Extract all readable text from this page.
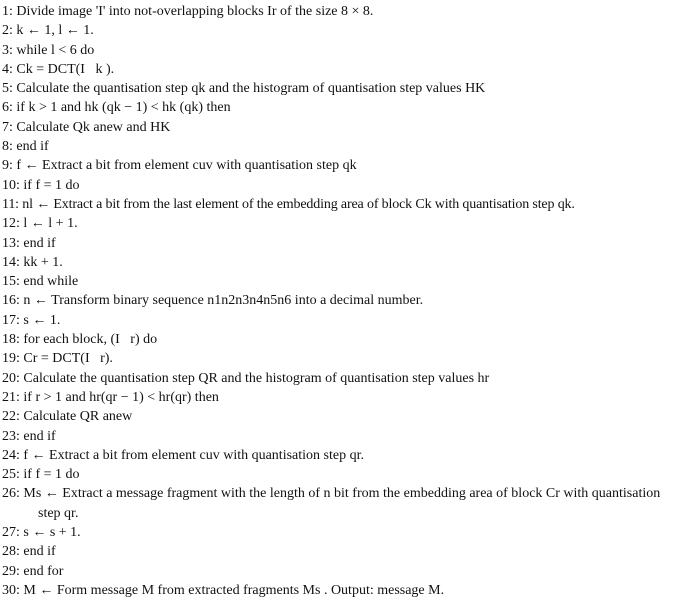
1: Divide image 'I' into not-overlapping blocks Ir of the size 8 × 8.
2: k ← 1, l ← 1.
3: while l < 6 do
4: Ck = DCT(I   k ).
5: Calculate the quantisation step qk and the histogram of quantisation step values HK
6: if k > 1 and hk (qk − 1) < hk (qk) then
7: Calculate Qk anew and HK
8: end if
9: f ← Extract a bit from element cuv with quantisation step qk
10: if f = 1 do
11: nl ← Extract a bit from the last element of the embedding area of block Ck with quantisation step qk.
12: l ← l + 1.
13: end if
14: kk + 1.
15: end while
16: n ← Transform binary sequence n1n2n3n4n5n6 into a decimal number.
17: s ← 1.
18: for each block, (I   r) do
19: Cr = DCT(I   r).
20: Calculate the quantisation step QR and the histogram of quantisation step values hr
21: if r > 1 and hr(qr − 1) < hr(qr) then
22: Calculate QR anew
23: end if
24: f ← Extract a bit from element cuv with quantisation step qr.
25: if f = 1 do
26: Ms ← Extract a message fragment with the length of n bit from the embedding area of block Cr with quantisation step qr.
27: s ← s + 1.
28: end if
29: end for
30: M ← Form message M from extracted fragments Ms . Output: message M.
